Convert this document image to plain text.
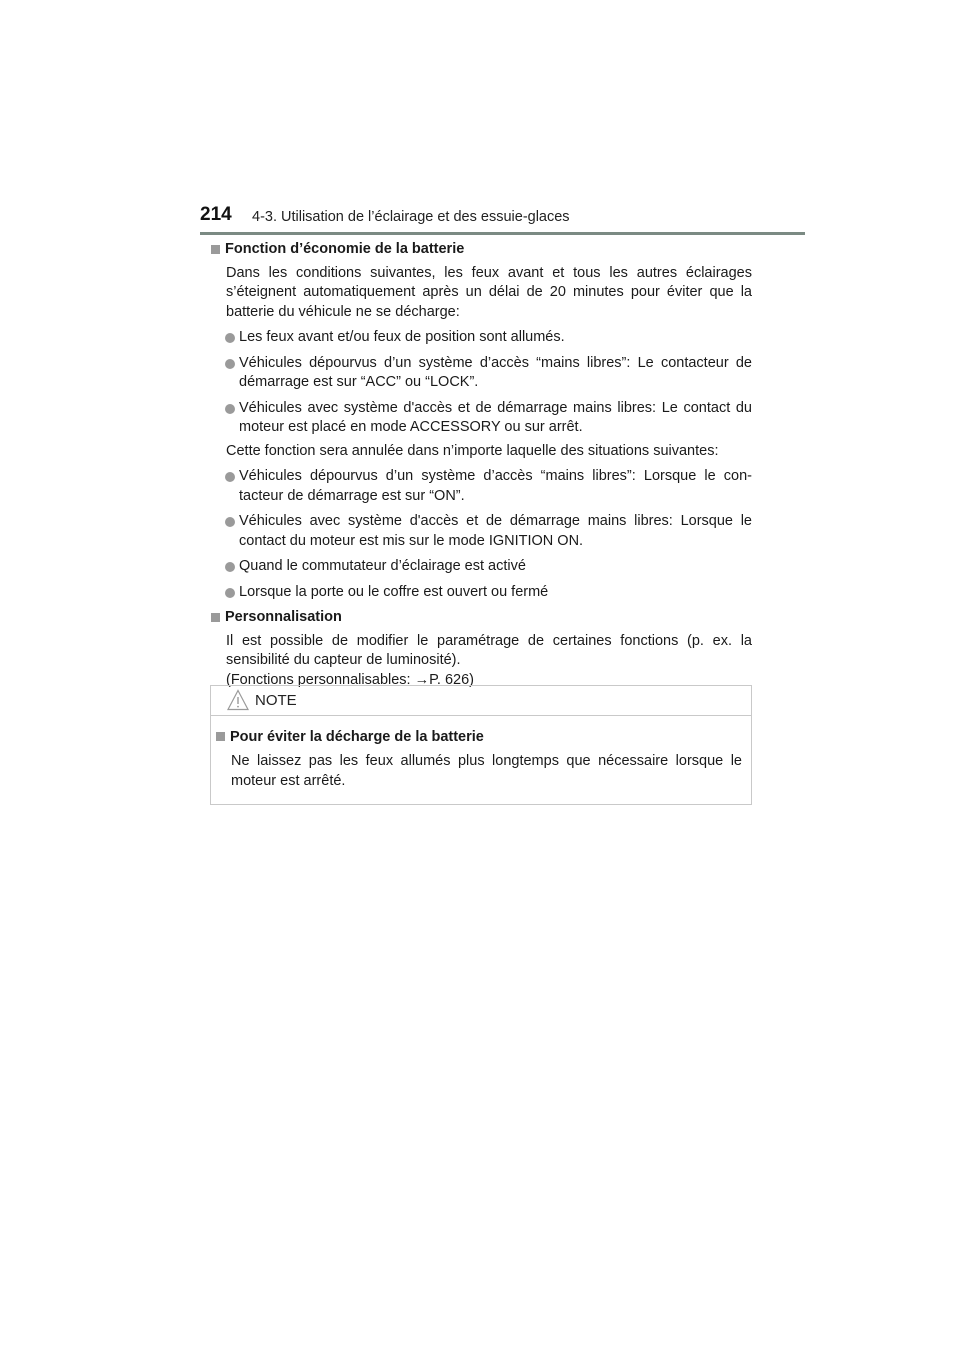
214 4-3. Utilisation de l’éclairage et des essuie-glaces
Fonction d’économie de la batterie
Dans les conditions suivantes, les feux avant et tous les autres éclairages s’éteignent automatiquement après un délai de 20 minutes pour éviter que la batterie du véhicule ne se décharge:
Les feux avant et/ou feux de position sont allumés.
Véhicules dépourvus d’un système d’accès “mains libres”: Le contacteur de démarrage est sur “ACC” ou “LOCK”.
Véhicules avec système d'accès et de démarrage mains libres: Le contact du moteur est placé en mode ACCESSORY ou sur arrêt.
Cette fonction sera annulée dans n’importe laquelle des situations suivantes:
Véhicules dépourvus d’un système d’accès “mains libres”: Lorsque le con- tacteur de démarrage est sur “ON”.
Véhicules avec système d'accès et de démarrage mains libres: Lorsque le contact du moteur est mis sur le mode IGNITION ON.
Quand le commutateur d’éclairage est activé
Lorsque la porte ou le coffre est ouvert ou fermé
Personnalisation
Il est possible de modifier le paramétrage de certaines fonctions (p. ex. la sensibilité du capteur de luminosité).
(Fonctions personnalisables: →P. 626)
NOTE
Pour éviter la décharge de la batterie
Ne laissez pas les feux allumés plus longtemps que nécessaire lorsque le moteur est arrêté.
